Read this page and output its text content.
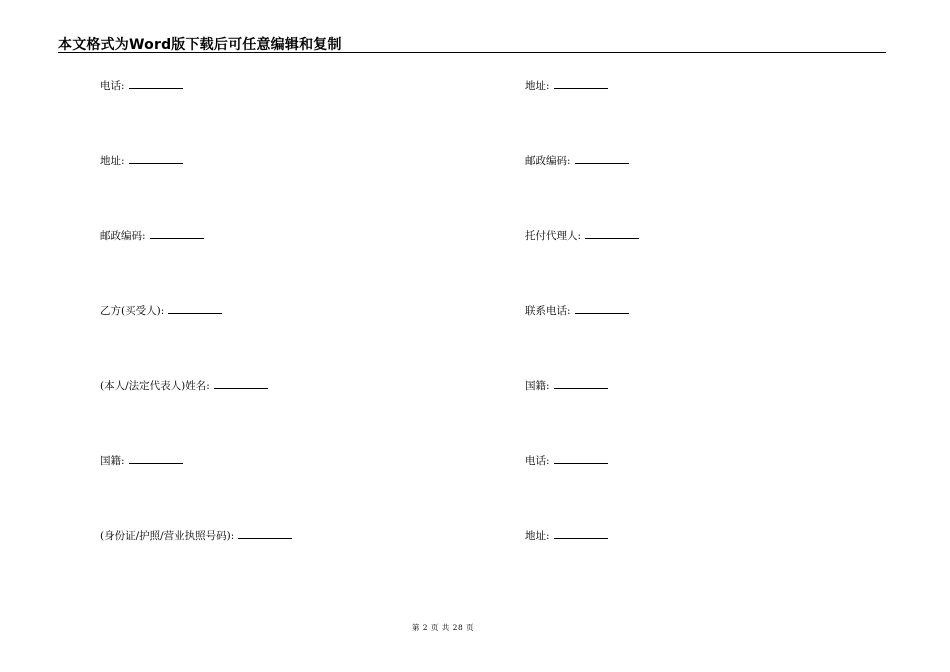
本文格式为Word版下载后可任意编辑和复制
电话:
地址:
邮政编码:
乙方(买受人):
(本人/法定代表人)姓名:
国籍:
(身份证/护照/营业执照号码):
地址:
邮政编码:
托付代理人:
联系电话:
国籍:
电话:
地址:
第 2 页 共 28 页
